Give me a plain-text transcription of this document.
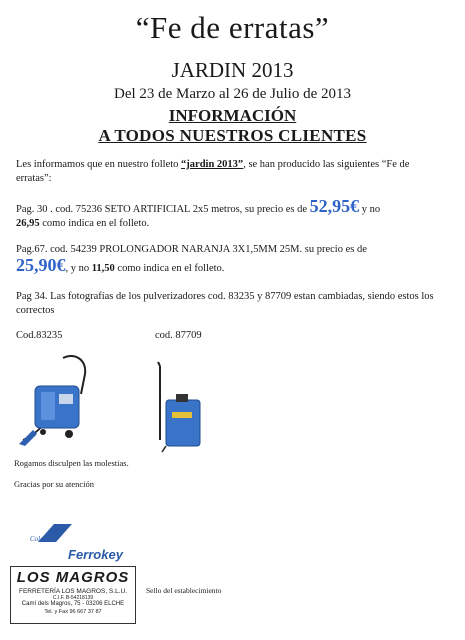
“Fe de erratas”
JARDIN 2013
Del 23 de Marzo al 26 de Julio de 2013
INFORMACIÓN
A TODOS NUESTROS CLIENTES
Les informamos que en nuestro folleto “jardin 2013”, se han producido las siguientes “Fe de erratas”:
Pag. 30 . cod. 75236 SETO ARTIFICIAL 2x5 metros, su precio es de 52,95€ y no
26,95 como indica en el folleto.
Pag.67. cod. 54239 PROLONGADOR NARANJA 3X1,5MM 25M. su precio es de
25,90€, y no 11,50 como indica en el folleto.
Pag 34. Las fotografías de los pulverizadores cod. 83235 y 87709 estan cambiadas, siendo estos los correctos
Cod.83235	cod. 87709
Rogamos disculpen las molestias.
Gracias por su atención
Coleur
Ferrokey
LOS MAGROS
FERRETERÍA LOS MAGROS, S.L.U.
C.I.F. B-54218139
Camí dels Magros, 75 - 03206 ELCHE
Tel. y Fax 96 667 37 87
Sello del establecimiento
